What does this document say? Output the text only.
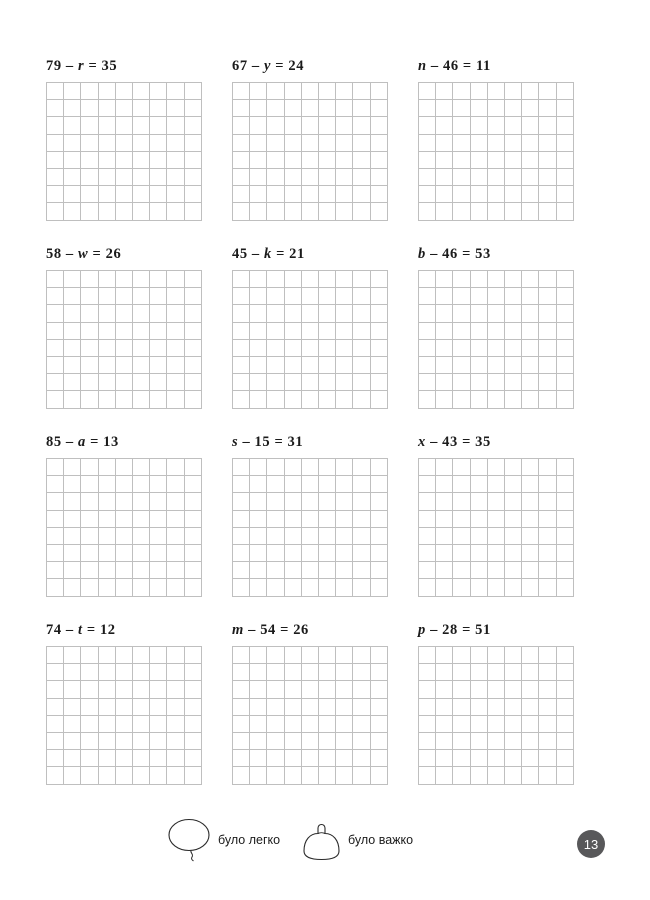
79 – r = 35	67 – y = 24	n – 46 = 11
58 – w = 26	45 – k = 21	b – 46 = 53
85 – a = 13	s – 15 = 31	x – 43 = 35
74 – t = 12	m – 54 = 26	p – 28 = 51
було легко	було важко	13
